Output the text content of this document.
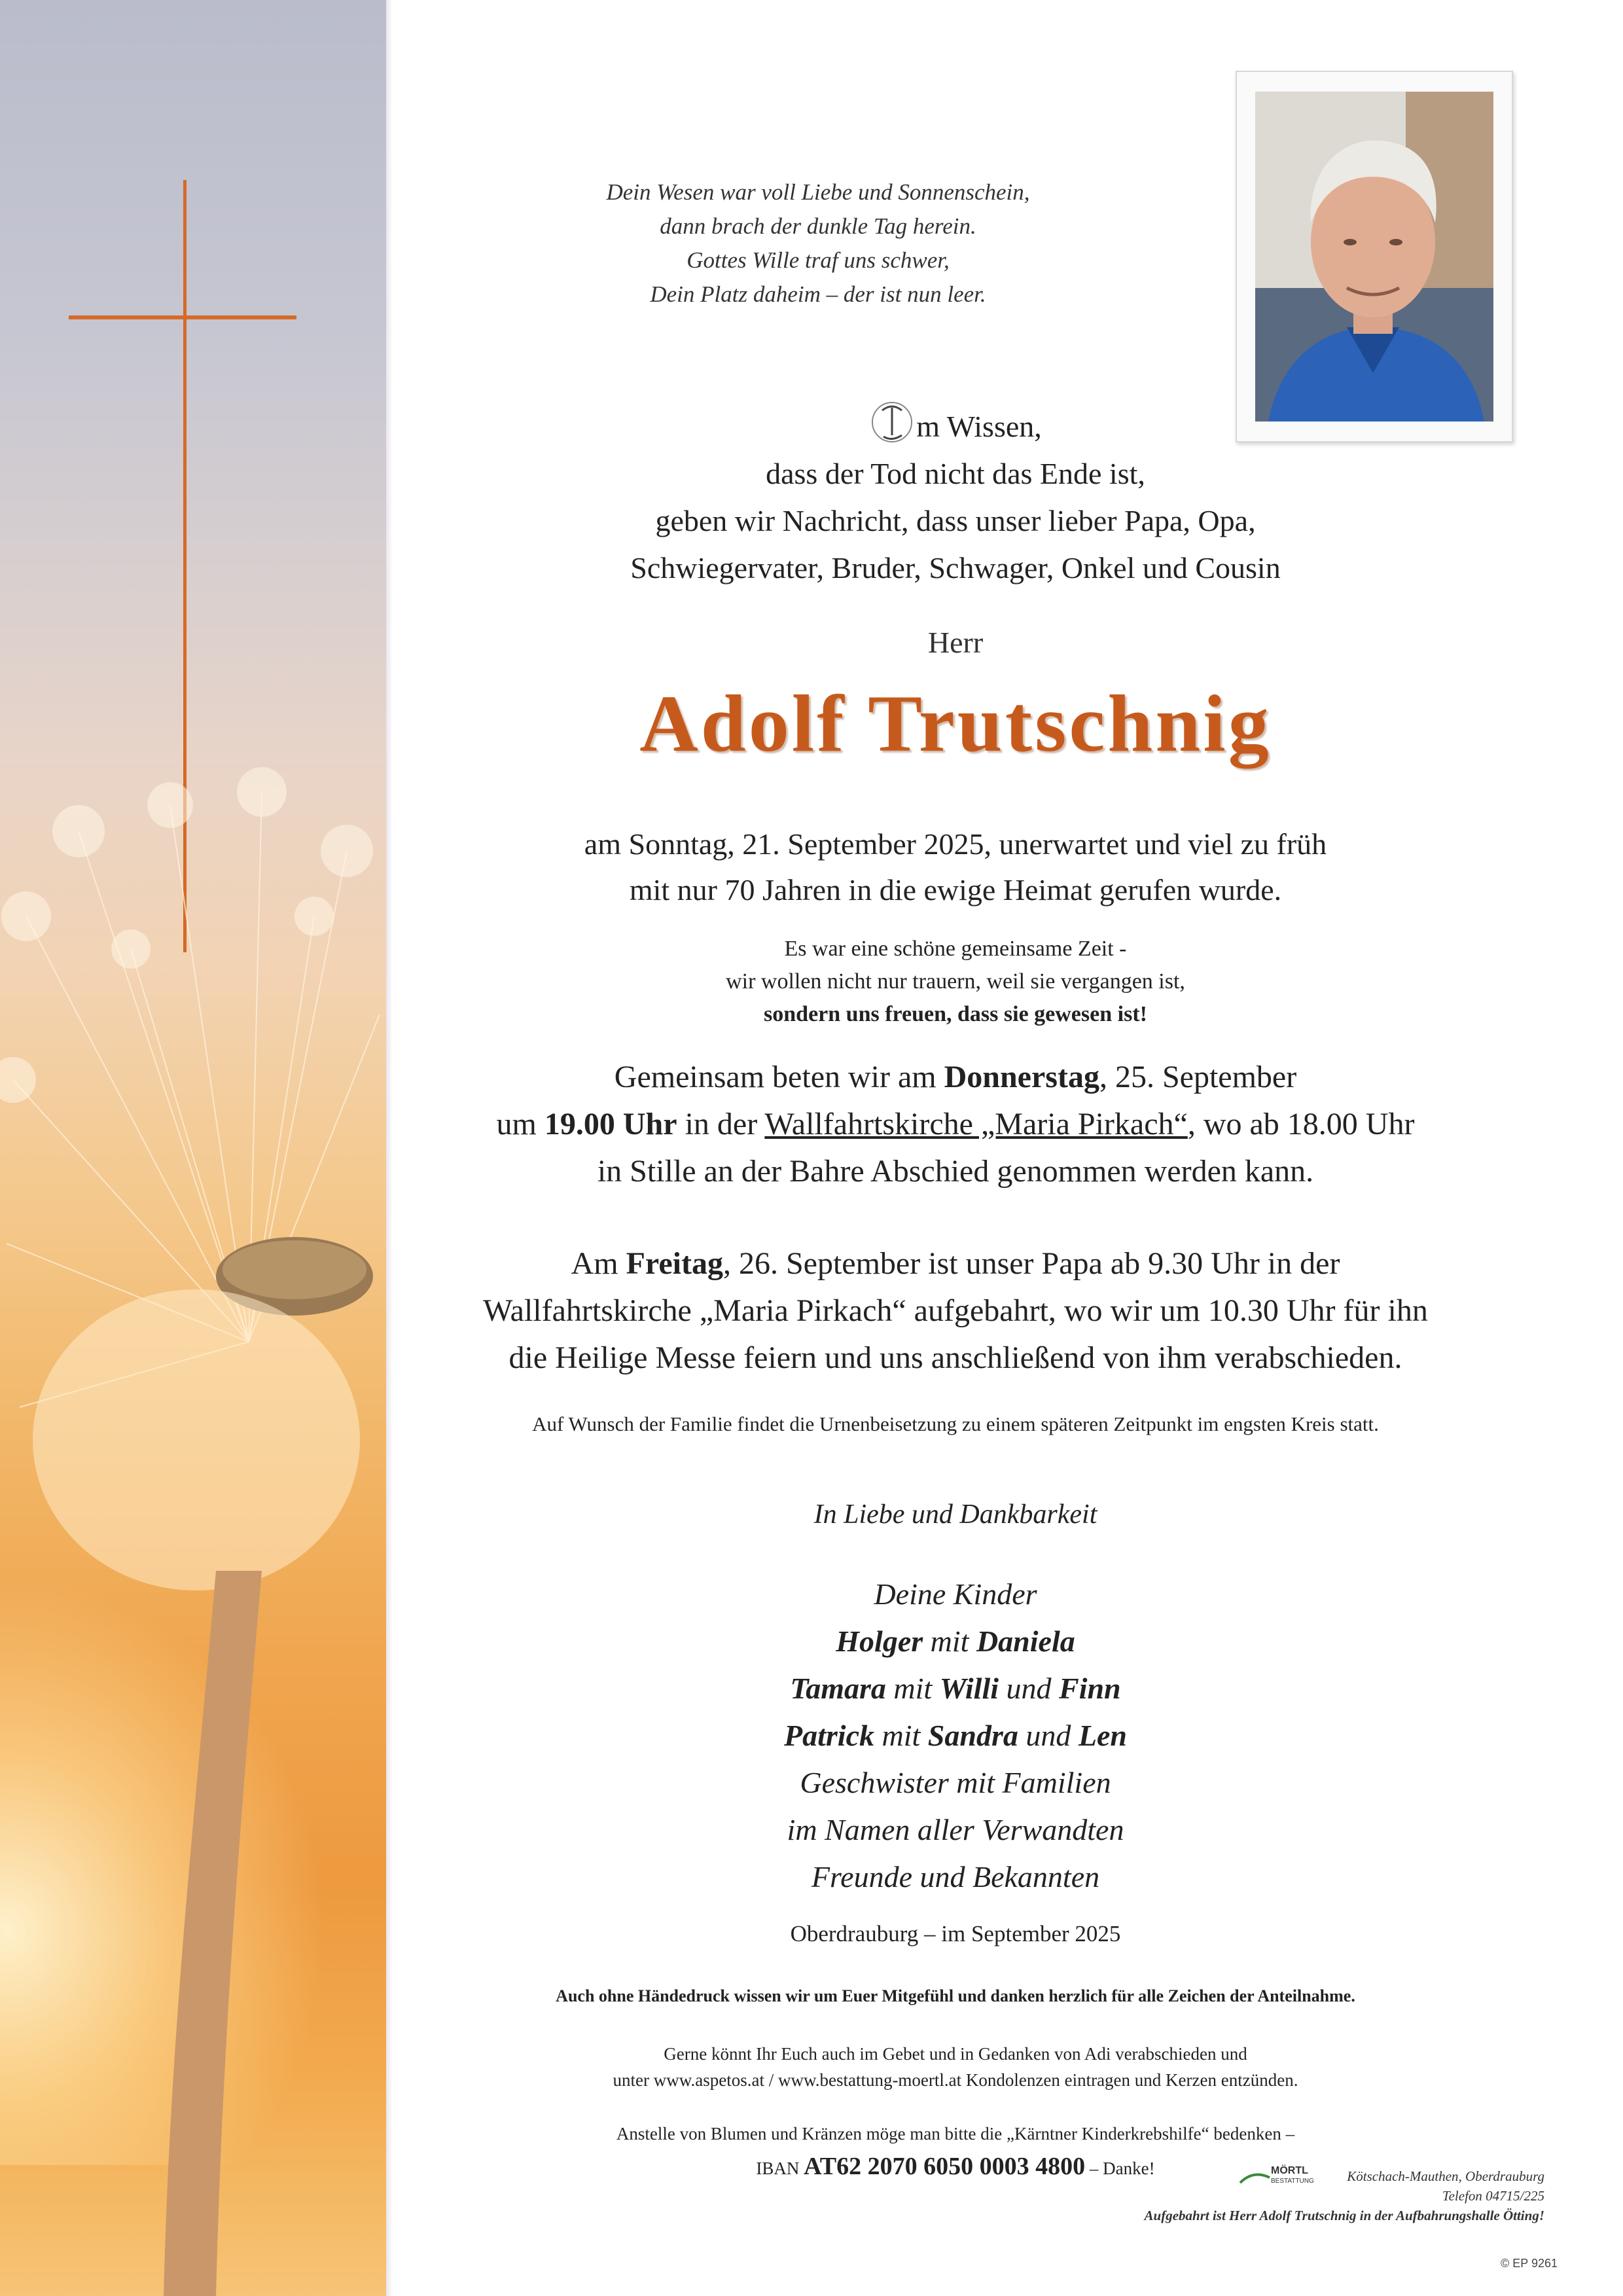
Dein Wesen war voll Liebe und Sonnenschein,
dann brach der dunkle Tag herein.
Gottes Wille traf uns schwer,
Dein Platz daheim – der ist nun leer.
m Wissen,
dass der Tod nicht das Ende ist,
geben wir Nachricht, dass unser lieber Papa, Opa,
Schwiegervater, Bruder, Schwager, Onkel und Cousin
Herr
Adolf Trutschnig
am Sonntag, 21. September 2025, unerwartet und viel zu früh
mit nur 70 Jahren in die ewige Heimat gerufen wurde.
Es war eine schöne gemeinsame Zeit -
wir wollen nicht nur trauern, weil sie vergangen ist,
sondern uns freuen, dass sie gewesen ist!
Gemeinsam beten wir am Donnerstag, 25. September
um 19.00 Uhr in der Wallfahrtskirche „Maria Pirkach“, wo ab 18.00 Uhr
in Stille an der Bahre Abschied genommen werden kann.
Am Freitag, 26. September ist unser Papa ab 9.30 Uhr in der
Wallfahrtskirche „Maria Pirkach“ aufgebahrt, wo wir um 10.30 Uhr für ihn
die Heilige Messe feiern und uns anschließend von ihm verabschieden.
Auf Wunsch der Familie findet die Urnenbeisetzung zu einem späteren Zeitpunkt im engsten Kreis statt.
In Liebe und Dankbarkeit
Deine Kinder
Holger mit Daniela
Tamara mit Willi und Finn
Patrick mit Sandra und Len
Geschwister mit Familien
im Namen aller Verwandten
Freunde und Bekannten
Oberdrauburg – im September 2025
Auch ohne Händedruck wissen wir um Euer Mitgefühl und danken herzlich für alle Zeichen der Anteilnahme.
Gerne könnt Ihr Euch auch im Gebet und in Gedanken von Adi verabschieden und
unter www.aspetos.at / www.bestattung-moertl.at Kondolenzen eintragen und Kerzen entzünden.
Anstelle von Blumen und Kränzen möge man bitte die „Kärntner Kinderkrebshilfe“ bedenken –
IBAN AT62 2070 6050 0003 4800 – Danke!	MÖRTL
BESTATTUNG	Kötschach-Mauthen, Oberdrauburg
Telefon 04715/225
Aufgebahrt ist Herr Adolf Trutschnig in der Aufbahrungshalle Ötting!
© EP 9261
